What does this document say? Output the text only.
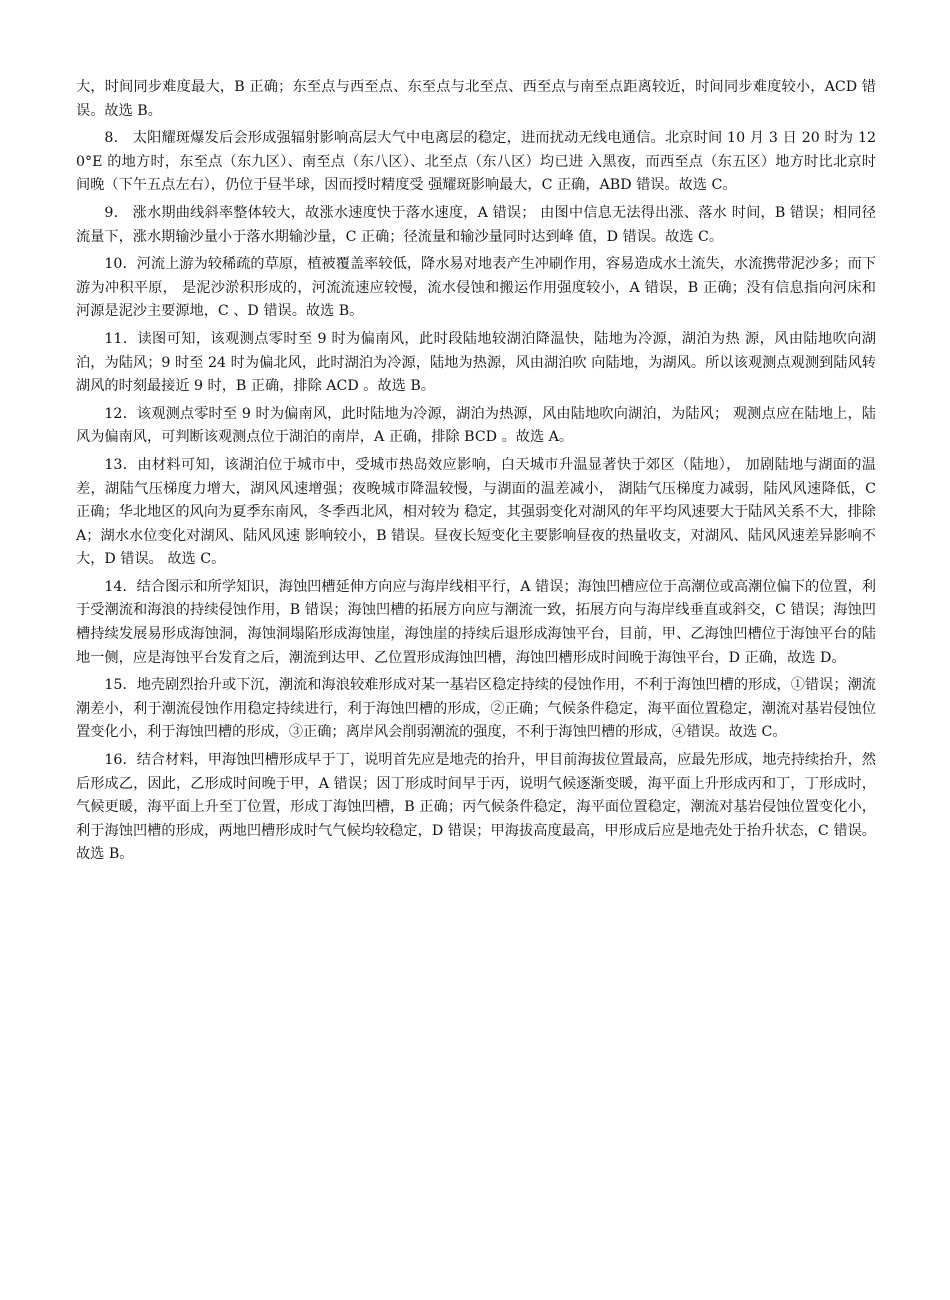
大，时间同步难度最大，B 正确；东至点与西至点、东至点与北至点、西至点与南至点距离较近，时间同步难度较小，ACD 错误。故选 B。

8． 太阳耀斑爆发后会形成强辐射影响高层大气中电离层的稳定，进而扰动无线电通信。北京时间 10 月 3 日 20 时为 120°E 的地方时，东至点（东九区）、南至点（东八区）、北至点（东八区）均已进 入黑夜，而西至点（东五区）地方时比北京时间晚（下午五点左右），仍位于昼半球，因而授时精度受 强耀斑影响最大，C 正确，ABD 错误。故选 C。

9． 涨水期曲线斜率整体较大，故涨水速度快于落水速度，A 错误； 由图中信息无法得出涨、落水 时间，B 错误；相同径流量下，涨水期输沙量小于落水期输沙量，C 正确；径流量和输沙量同时达到峰 值，D 错误。故选 C。

10．河流上游为较稀疏的草原，植被覆盖率较低，降水易对地表产生冲刷作用，容易造成水土流失，水流携带泥沙多；而下游为冲积平原， 是泥沙淤积形成的，河流流速应较慢，流水侵蚀和搬运作用强度较小，A 错误，B 正确；没有信息指向河床和河源是泥沙主要源地，C 、D 错误。故选 B。

11．读图可知，该观测点零时至 9 时为偏南风，此时段陆地较湖泊降温快，陆地为冷源，湖泊为热 源，风由陆地吹向湖泊，为陆风；9 时至 24 时为偏北风，此时湖泊为冷源，陆地为热源，风由湖泊吹 向陆地，为湖风。所以该观测点观测到陆风转湖风的时刻最接近 9 时，B 正确，排除 ACD 。故选 B。

12．该观测点零时至 9 时为偏南风，此时陆地为冷源，湖泊为热源，风由陆地吹向湖泊，为陆风； 观测点应在陆地上，陆风为偏南风，可判断该观测点位于湖泊的南岸，A 正确，排除 BCD 。故选 A。

13．由材料可知，该湖泊位于城市中，受城市热岛效应影响，白天城市升温显著快于郊区（陆地）， 加剧陆地与湖面的温差，湖陆气压梯度力增大，湖风风速增强；夜晚城市降温较慢，与湖面的温差减小， 湖陆气压梯度力减弱，陆风风速降低，C 正确；华北地区的风向为夏季东南风，冬季西北风，相对较为 稳定，其强弱变化对湖风的年平均风速要大于陆风关系不大，排除 A；湖水水位变化对湖风、陆风风速 影响较小，B 错误。昼夜长短变化主要影响昼夜的热量收支，对湖风、陆风风速差异影响不大，D 错误。 故选 C。

14．结合图示和所学知识，海蚀凹槽延伸方向应与海岸线相平行，A 错误；海蚀凹槽应位于高潮位或高潮位偏下的位置，利于受潮流和海浪的持续侵蚀作用，B 错误；海蚀凹槽的拓展方向应与潮流一致，拓展方向与海岸线垂直或斜交，C 错误；海蚀凹槽持续发展易形成海蚀洞，海蚀洞塌陷形成海蚀崖，海蚀崖的持续后退形成海蚀平台，目前，甲、乙海蚀凹槽位于海蚀平台的陆地一侧，应是海蚀平台发育之后，潮流到达甲、乙位置形成海蚀凹槽，海蚀凹槽形成时间晚于海蚀平台，D 正确，故选 D。

15．地壳剧烈抬升或下沉，潮流和海浪较难形成对某一基岩区稳定持续的侵蚀作用，不利于海蚀凹槽的形成，①错误；潮流潮差小，利于潮流侵蚀作用稳定持续进行，利于海蚀凹槽的形成，②正确；气候条件稳定，海平面位置稳定，潮流对基岩侵蚀位置变化小，利于海蚀凹槽的形成，③正确；离岸风会削弱潮流的强度，不利于海蚀凹槽的形成，④错误。故选 C。

16．结合材料，甲海蚀凹槽形成早于丁，说明首先应是地壳的抬升，甲目前海拔位置最高，应最先形成，地壳持续抬升，然后形成乙，因此，乙形成时间晚于甲，A 错误；因丁形成时间早于丙，说明气候逐渐变暖，海平面上升形成丙和丁，丁形成时，气候更暖，海平面上升至丁位置，形成丁海蚀凹槽，B 正确；丙气候条件稳定，海平面位置稳定，潮流对基岩侵蚀位置变化小，利于海蚀凹槽的形成，两地凹槽形成时气气候均较稳定，D 错误；甲海拔高度最高，甲形成后应是地壳处于抬升状态，C 错误。故选 B。
